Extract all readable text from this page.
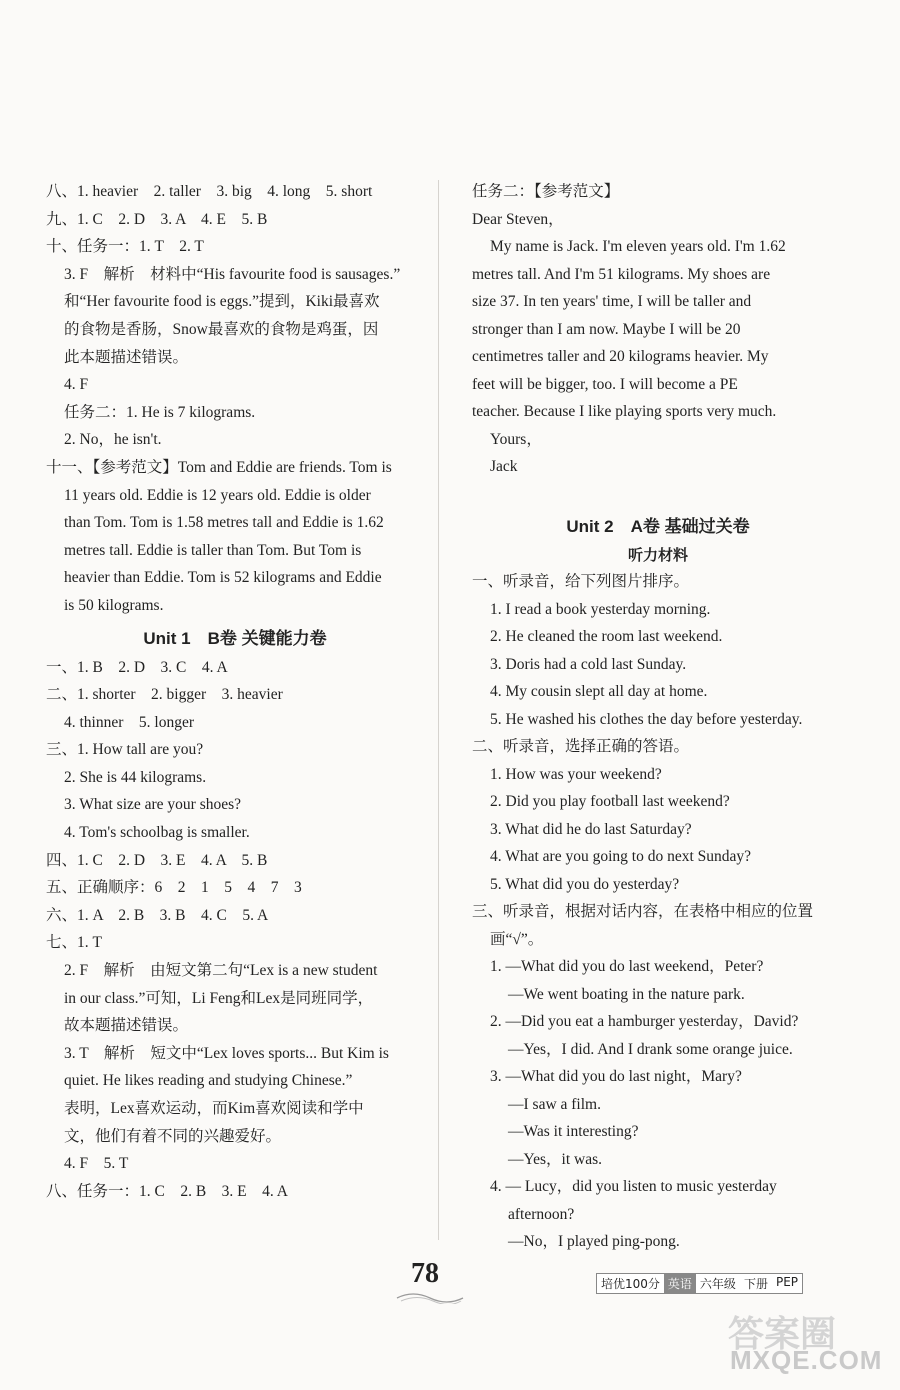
八、1. heavier　2. taller　3. big　4. long　5. short
九、1. C　2. D　3. A　4. E　5. B
十、任务一：1. T　2. T
3. F　解析　材料中“His favourite food is sausages.”
和“Her favourite food is eggs.”提到，Kiki最喜欢
的食物是香肠，Snow最喜欢的食物是鸡蛋，因
此本题描述错误。
4. F
任务二：1. He is 7 kilograms.
2. No，he isn't.
十一、【参考范文】Tom and Eddie are friends. Tom is
11 years old. Eddie is 12 years old. Eddie is older
than Tom. Tom is 1.58 metres tall and Eddie is 1.62
metres tall. Eddie is taller than Tom. But Tom is
heavier than Eddie. Tom is 52 kilograms and Eddie
is 50 kilograms.
Unit 1　B卷 关键能力卷
一、1. B　2. D　3. C　4. A
二、1. shorter　2. bigger　3. heavier
4. thinner　5. longer
三、1. How tall are you?
2. She is 44 kilograms.
3. What size are your shoes?
4. Tom's schoolbag is smaller.
四、1. C　2. D　3. E　4. A　5. B
五、正确顺序：6　2　1　5　4　7　3
六、1. A　2. B　3. B　4. C　5. A
七、1. T
2. F　解析　由短文第二句“Lex is a new student
in our class.”可知，Li Feng和Lex是同班同学，
故本题描述错误。
3. T　解析　短文中“Lex loves sports... But Kim is
quiet. He likes reading and studying Chinese.”
表明，Lex喜欢运动，而Kim喜欢阅读和学中
文，他们有着不同的兴趣爱好。
4. F　5. T
八、任务一：1. C　2. B　3. E　4. A
任务二：【参考范文】
Dear Steven，
My name is Jack. I'm eleven years old. I'm 1.62
metres tall. And I'm 51 kilograms. My shoes are
size 37. In ten years' time, I will be taller and
stronger than I am now. Maybe I will be 20
centimetres taller and 20 kilograms heavier. My
feet will be bigger, too. I will become a PE
teacher. Because I like playing sports very much.
Yours，
Jack
Unit 2　A卷 基础过关卷
听力材料
一、听录音，给下列图片排序。
1. I read a book yesterday morning.
2. He cleaned the room last weekend.
3. Doris had a cold last Sunday.
4. My cousin slept all day at home.
5. He washed his clothes the day before yesterday.
二、听录音，选择正确的答语。
1. How was your weekend?
2. Did you play football last weekend?
3. What did he do last Saturday?
4. What are you going to do next Sunday?
5. What did you do yesterday?
三、听录音，根据对话内容，在表格中相应的位置
画“√”。
1. —What did you do last weekend，Peter?
—We went boating in the nature park.
2. —Did you eat a hamburger yesterday，David?
—Yes，I did. And I drank some orange juice.
3. —What did you do last night，Mary?
—I saw a film.
—Was it interesting?
—Yes，it was.
4. — Lucy，did you listen to music yesterday
afternoon?
—No，I played ping-pong.
78	培优100分 英语 六年级 下册 PEP
答案圈
MXQE.COM
